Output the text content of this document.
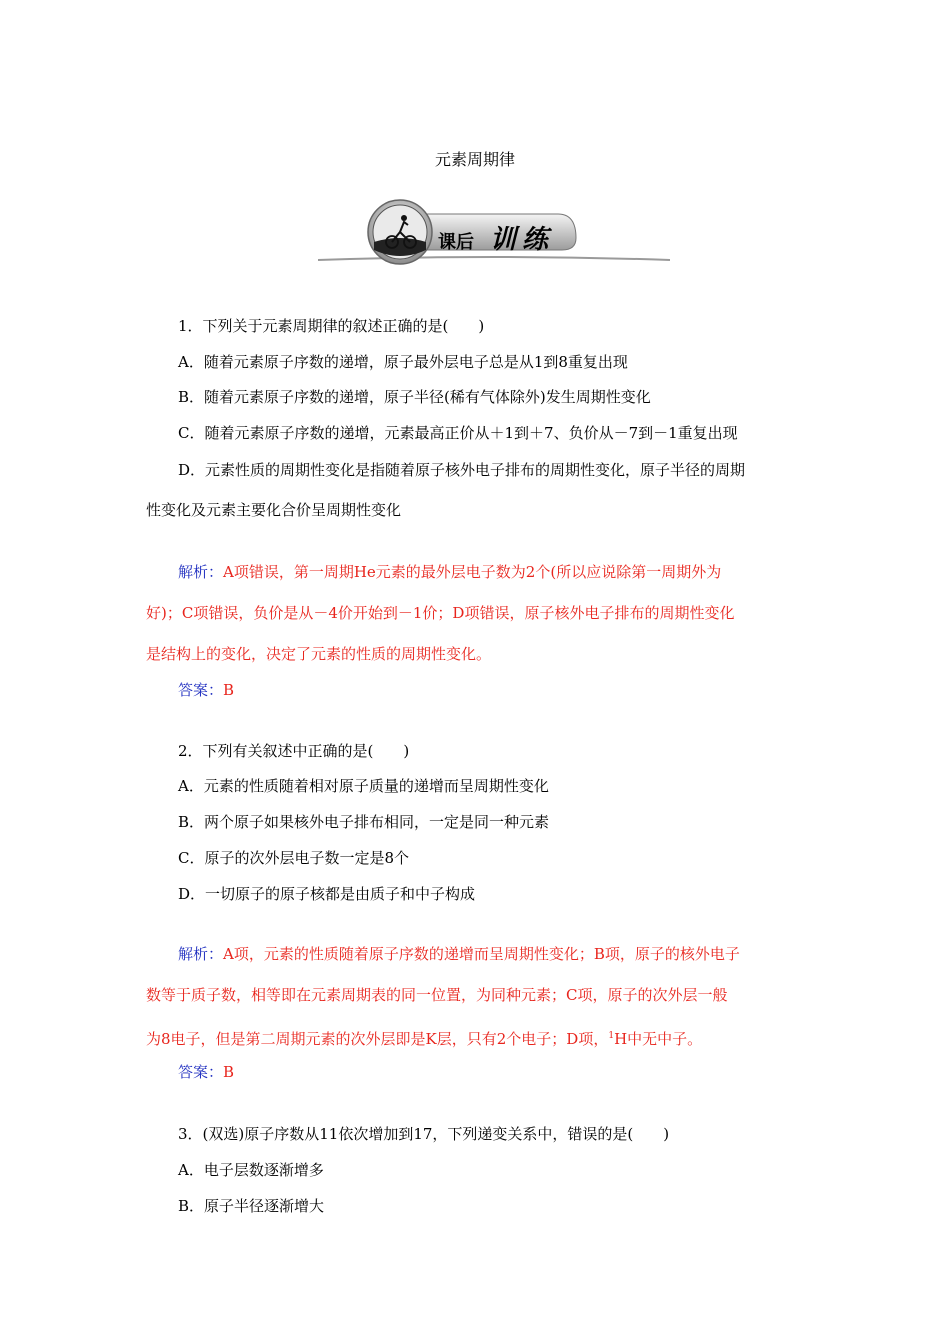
元素周期律
课后 训练
1．下列关于元素周期律的叙述正确的是(　　)
A．随着元素原子序数的递增，原子最外层电子总是从1到8重复出现
B．随着元素原子序数的递增，原子半径(稀有气体除外)发生周期性变化
C．随着元素原子序数的递增，元素最高正价从＋1到＋7、负价从－7到－1重复出现
D．元素性质的周期性变化是指随着原子核外电子排布的周期性变化，原子半径的周期
性变化及元素主要化合价呈周期性变化
解析：A项错误，第一周期He元素的最外层电子数为2个(所以应说除第一周期外为
好)；C项错误，负价是从－4价开始到－1价；D项错误，原子核外电子排布的周期性变化
是结构上的变化，决定了元素的性质的周期性变化。
答案：B
2．下列有关叙述中正确的是(　　)
A．元素的性质随着相对原子质量的递增而呈周期性变化
B．两个原子如果核外电子排布相同，一定是同一种元素
C．原子的次外层电子数一定是8个
D．一切原子的原子核都是由质子和中子构成
解析：A项，元素的性质随着原子序数的递增而呈周期性变化；B项，原子的核外电子
数等于质子数，相等即在元素周期表的同一位置，为同种元素；C项，原子的次外层一般
为8电子，但是第二周期元素的次外层即是K层，只有2个电子；D项，$^1$H中无中子。
答案：B
3．(双选)原子序数从11依次增加到17，下列递变关系中，错误的是(　　)
A．电子层数逐渐增多
B．原子半径逐渐增大
